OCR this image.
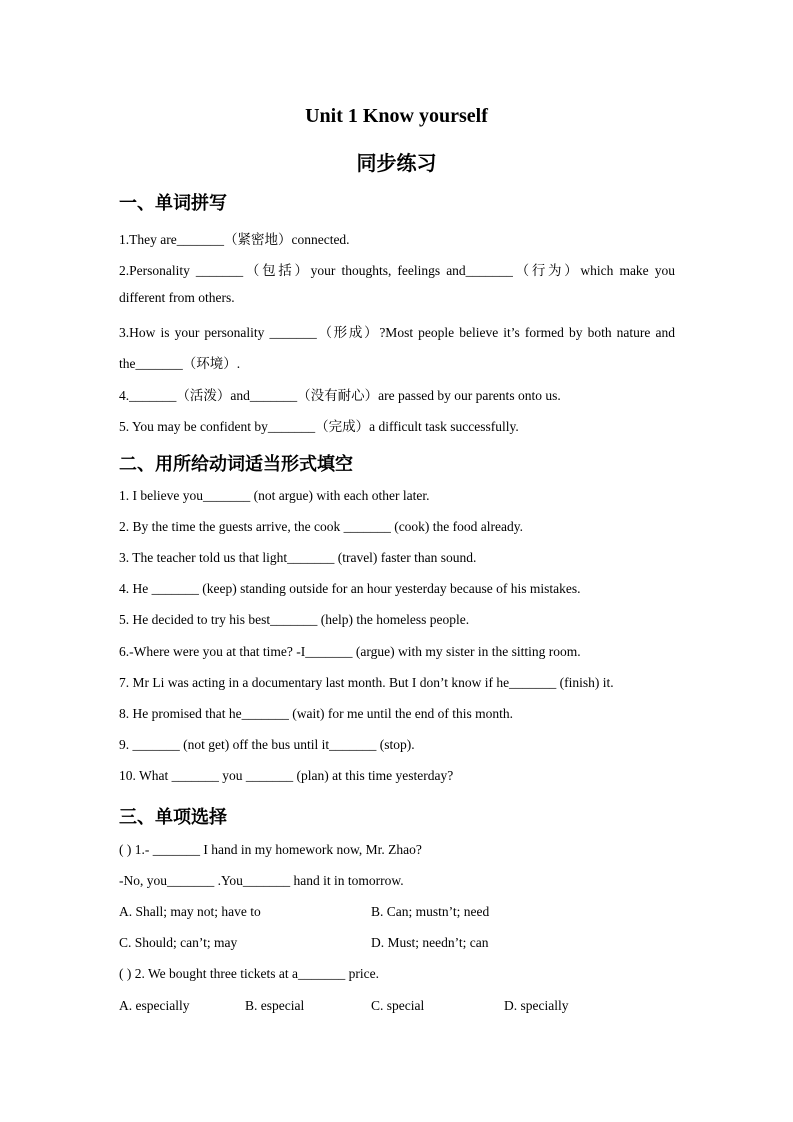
Unit 1 Know yourself
同步练习
一、单词拼写
1.They are_______（紧密地）connected.
2.Personality _______（包括）your thoughts, feelings and_______（行为）which make you
different from others.
3.How is your personality _______（形成）?Most people believe it’s formed by both nature and
the_______（环境）.
4._______（活泼）and_______（没有耐心）are passed by our parents onto us.
5. You may be confident by_______（完成）a difficult task successfully.
二、用所给动词适当形式填空
1. I believe you_______ (not argue) with each other later.
2. By the time the guests arrive, the cook _______ (cook) the food already.
3. The teacher told us that light_______ (travel) faster than sound.
4. He _______ (keep) standing outside for an hour yesterday because of his mistakes.
5. He decided to try his best_______ (help) the homeless people.
6.-Where were you at that time? -I_______ (argue) with my sister in the sitting room.
7. Mr Li was acting in a documentary last month. But I don’t know if he_______ (finish) it.
8. He promised that he_______ (wait) for me until the end of this month.
9. _______ (not get) off the bus until it_______ (stop).
10. What _______ you _______ (plan) at this time yesterday?
三、单项选择
( ) 1.- _______ I hand in my homework now, Mr. Zhao?
-No, you_______ .You_______ hand it in tomorrow.
A. Shall; may not; have to	B. Can; mustn’t; need
C. Should; can’t; may	D. Must; needn’t; can
( ) 2. We bought three tickets at a_______ price.
A. especially	B. especial	C. special	D. specially
